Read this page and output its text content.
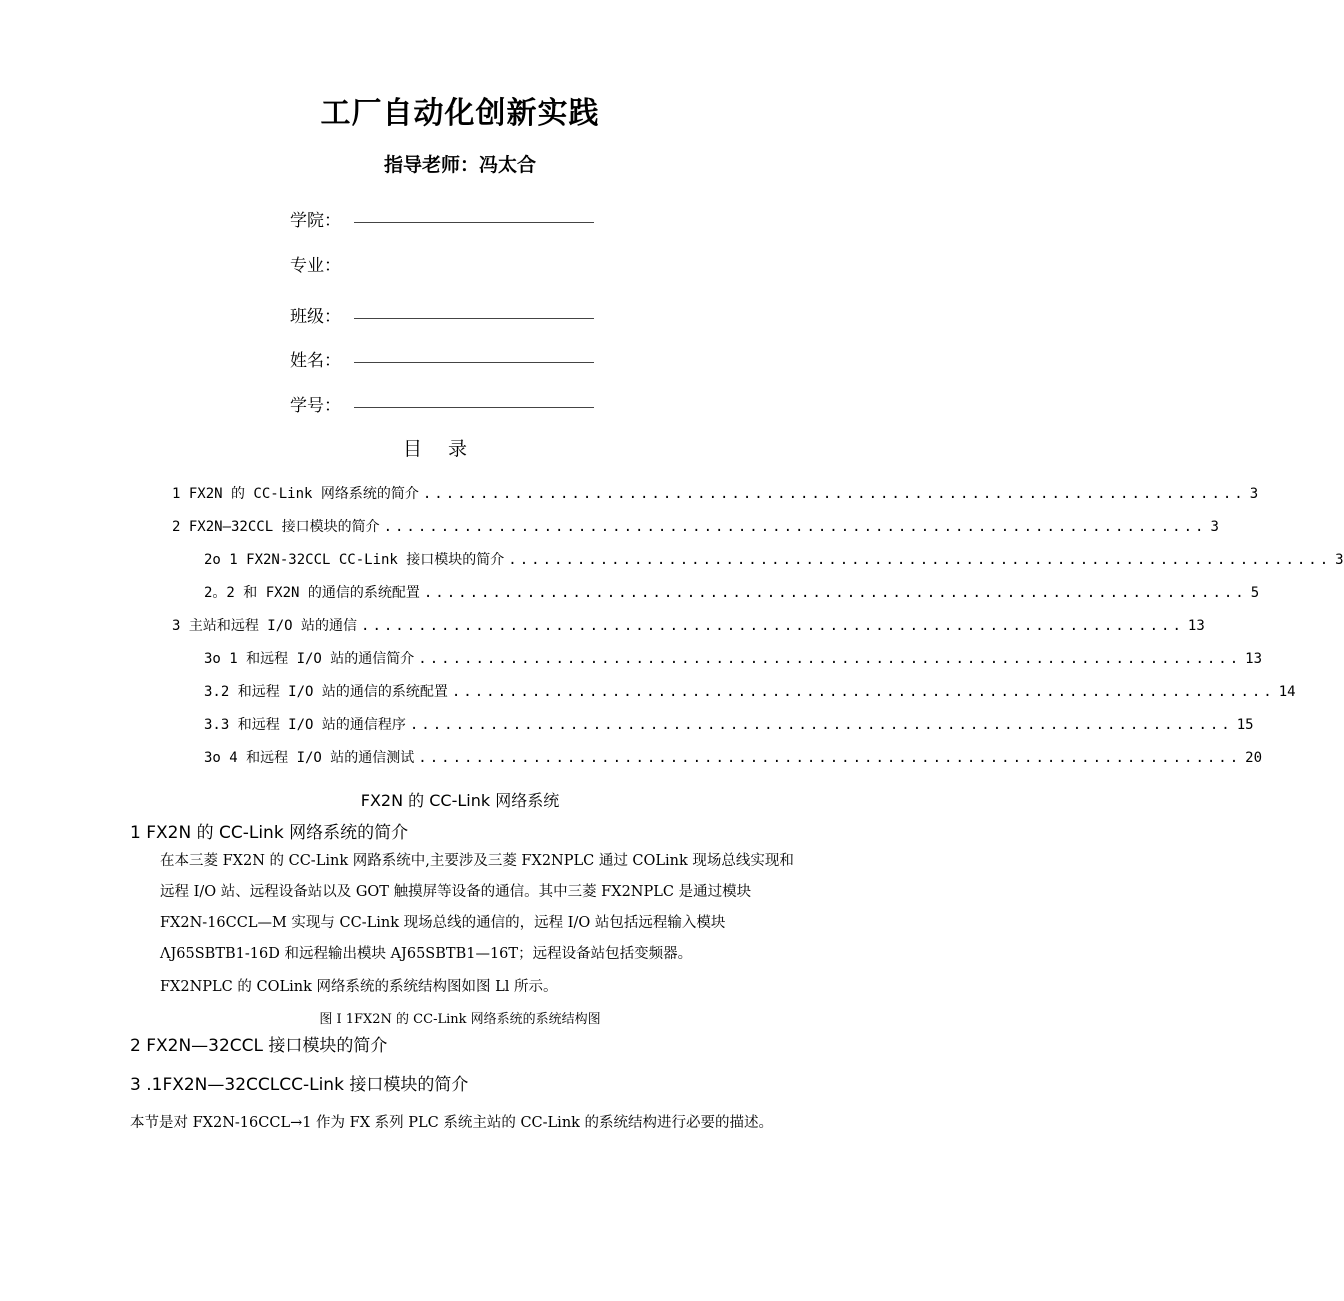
工厂自动化创新实践
指导老师：冯太合
学院：
专业：
班级：
姓名：
学号：
目 录
1 FX2N 的 CC-Link 网络系统的简介 ........................................................................ 3
2 FX2N—32CCL 接口模块的简介 ........................................................................ 3
2o 1 FX2N-32CCL CC-Link 接口模块的简介 ........................................................................ 3
2。2 和 FX2N 的通信的系统配置 ........................................................................ 5
3 主站和远程 I/O 站的通信 ........................................................................ 13
3o 1 和远程 I/O 站的通信简介 ........................................................................ 13
3.2 和远程 I/O 站的通信的系统配置 ........................................................................ 14
3.3 和远程 I/O 站的通信程序 ........................................................................ 15
3o 4 和远程 I/O 站的通信测试 ........................................................................ 20
FX2N 的 CC-Link 网络系统
1 FX2N 的 CC-Link 网络系统的简介
在本三菱 FX2N 的 CC-Link 网路系统中,主要涉及三菱 FX2NPLC 通过 COLink 现场总线实现和远程 I/O 站、远程设备站以及 GOT 触摸屏等设备的通信。其中三菱 FX2NPLC 是通过模块 FX2N-16CCL—M 实现与 CC-Link 现场总线的通信的，远程 I/O 站包括远程输入模块ΛJ65SBTB1-16D 和远程输出模块 AJ65SBTB1—16T；远程设备站包括变频器。
FX2NPLC 的 COLink 网络系统的系统结构图如图 Ll 所示。
图 I 1FX2N 的 CC-Link 网络系统的系统结构图
2 FX2N—32CCL 接口模块的简介
3 .1FX2N—32CCLCC-Link 接口模块的简介
本节是对 FX2N-16CCL→1 作为 FX 系列 PLC 系统主站的 CC-Link 的系统结构进行必要的描述。
